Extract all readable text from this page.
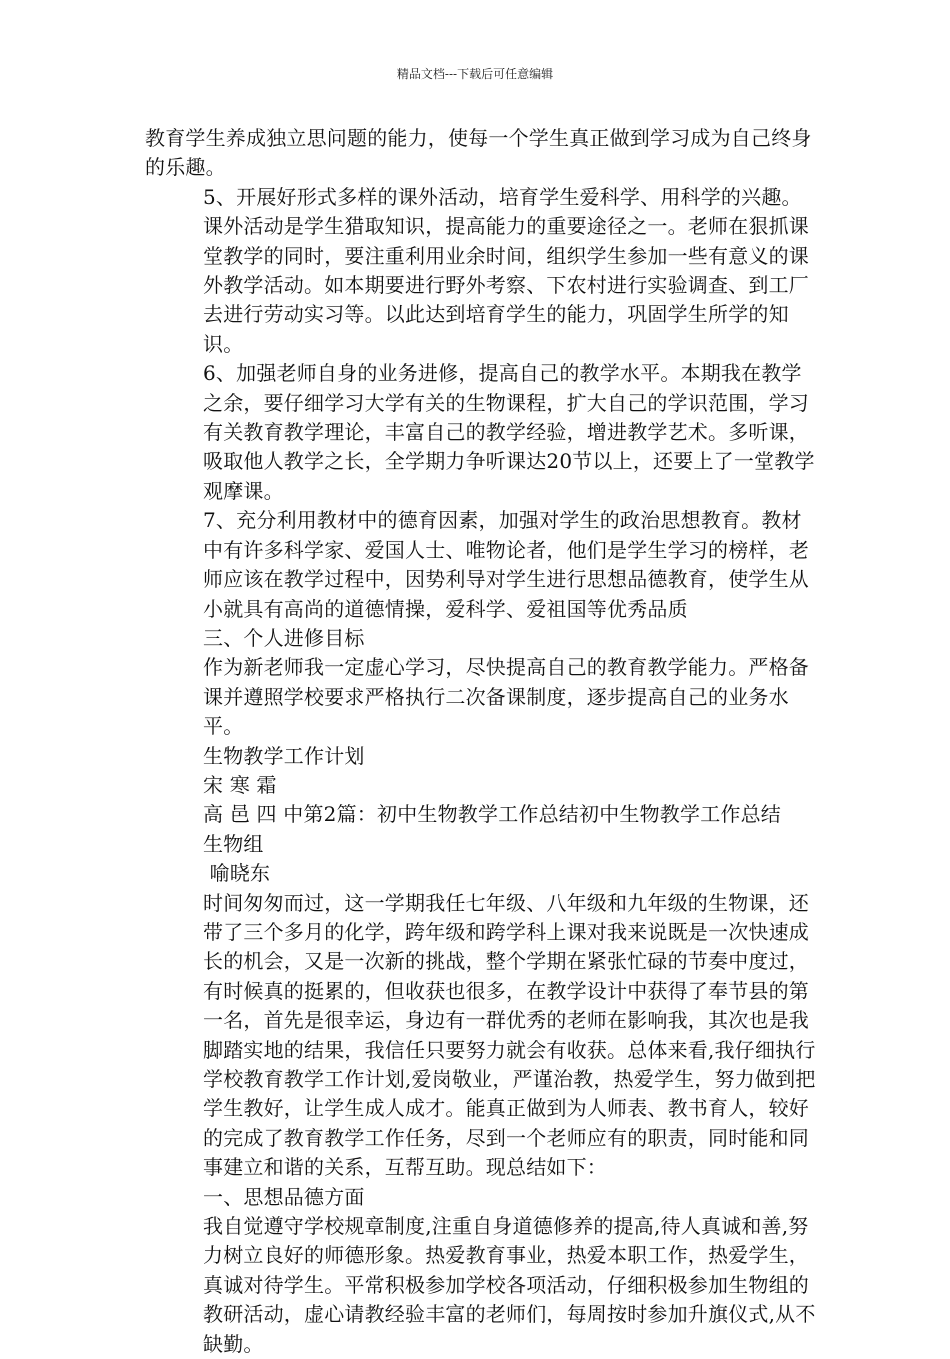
精品文档---下载后可任意编辑

教育学生养成独立思问题的能力，使每一个学生真正做到学习成为自己终身的乐趣。

5、开展好形式多样的课外活动，培育学生爱科学、用科学的兴趣。课外活动是学生猎取知识，提高能力的重要途径之一。老师在狠抓课堂教学的同时，要注重利用业余时间，组织学生参加一些有意义的课外教学活动。如本期要进行野外考察、下农村进行实验调查、到工厂去进行劳动实习等。以此达到培育学生的能力，巩固学生所学的知识。

6、加强老师自身的业务进修，提高自己的教学水平。本期我在教学之余，要仔细学习大学有关的生物课程，扩大自己的学识范围，学习有关教育教学理论，丰富自己的教学经验，增进教学艺术。多听课，吸取他人教学之长，全学期力争听课达20节以上，还要上了一堂教学观摩课。

7、充分利用教材中的德育因素，加强对学生的政治思想教育。教材中有许多科学家、爱国人士、唯物论者，他们是学生学习的榜样，老师应该在教学过程中，因势利导对学生进行思想品德教育，使学生从小就具有高尚的道德情操，爱科学、爱祖国等优秀品质

三、个人进修目标

作为新老师我一定虚心学习，尽快提高自己的教育教学能力。严格备课并遵照学校要求严格执行二次备课制度，逐步提高自己的业务水平。

生物教学工作计划

宋 寒 霜

高 邑 四 中第2篇：初中生物教学工作总结初中生物教学工作总结

生物组

喻晓东

时间匆匆而过，这一学期我任七年级、八年级和九年级的生物课，还带了三个多月的化学，跨年级和跨学科上课对我来说既是一次快速成长的机会，又是一次新的挑战，整个学期在紧张忙碌的节奏中度过，有时候真的挺累的，但收获也很多，在教学设计中获得了奉节县的第一名，首先是很幸运，身边有一群优秀的老师在影响我，其次也是我脚踏实地的结果，我信任只要努力就会有收获。总体来看,我仔细执行学校教育教学工作计划,爱岗敬业，严谨治教，热爱学生，努力做到把学生教好，让学生成人成才。能真正做到为人师表、教书育人，较好的完成了教育教学工作任务，尽到一个老师应有的职责，同时能和同事建立和谐的关系，互帮互助。现总结如下：

一、思想品德方面

我自觉遵守学校规章制度,注重自身道德修养的提高,待人真诚和善,努力树立良好的师德形象。热爱教育事业，热爱本职工作，热爱学生，真诚对待学生。平常积极参加学校各项活动，仔细积极参加生物组的教研活动，虚心请教经验丰富的老师们，每周按时参加升旗仪式,从不缺勤。
